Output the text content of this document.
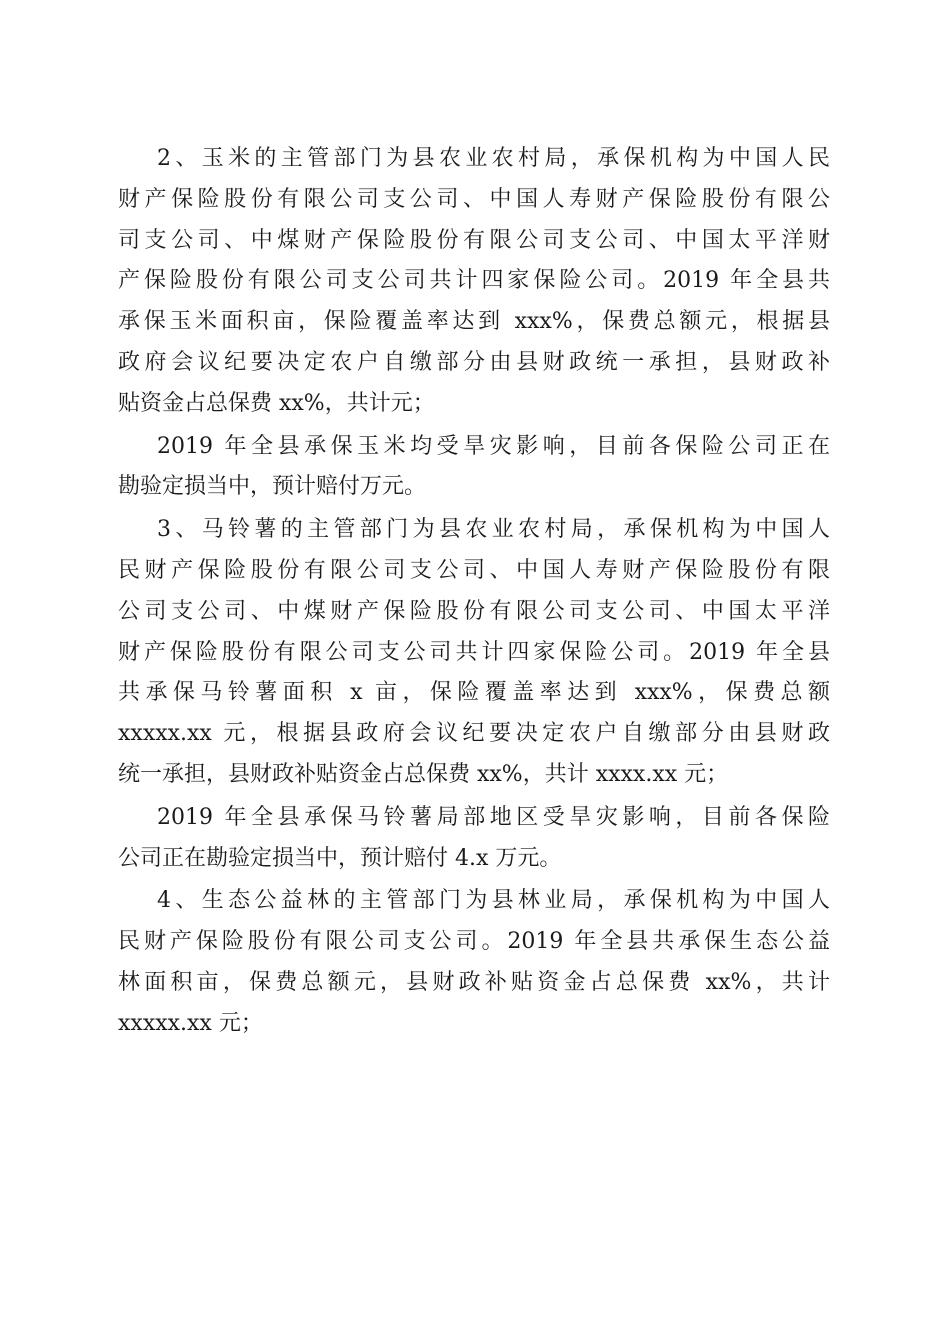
2、玉米的主管部门为县农业农村局，承保机构为中国人民
财产保险股份有限公司支公司、中国人寿财产保险股份有限公
司支公司、中煤财产保险股份有限公司支公司、中国太平洋财
产保险股份有限公司支公司共计四家保险公司。2019 年全县共
承保玉米面积亩，保险覆盖率达到 xxx%，保费总额元，根据县
政府会议纪要决定农户自缴部分由县财政统一承担，县财政补
贴资金占总保费 xx%，共计元；
2019 年全县承保玉米均受旱灾影响，目前各保险公司正在
勘验定损当中，预计赔付万元。
3、马铃薯的主管部门为县农业农村局，承保机构为中国人
民财产保险股份有限公司支公司、中国人寿财产保险股份有限
公司支公司、中煤财产保险股份有限公司支公司、中国太平洋
财产保险股份有限公司支公司共计四家保险公司。2019 年全县
共承保马铃薯面积 x 亩，保险覆盖率达到 xxx%，保费总额
xxxxx.xx 元，根据县政府会议纪要决定农户自缴部分由县财政
统一承担，县财政补贴资金占总保费 xx%，共计 xxxx.xx 元；
2019 年全县承保马铃薯局部地区受旱灾影响，目前各保险
公司正在勘验定损当中，预计赔付 4.x 万元。
4、生态公益林的主管部门为县林业局，承保机构为中国人
民财产保险股份有限公司支公司。2019 年全县共承保生态公益
林面积亩，保费总额元，县财政补贴资金占总保费 xx%，共计
xxxxx.xx 元；
